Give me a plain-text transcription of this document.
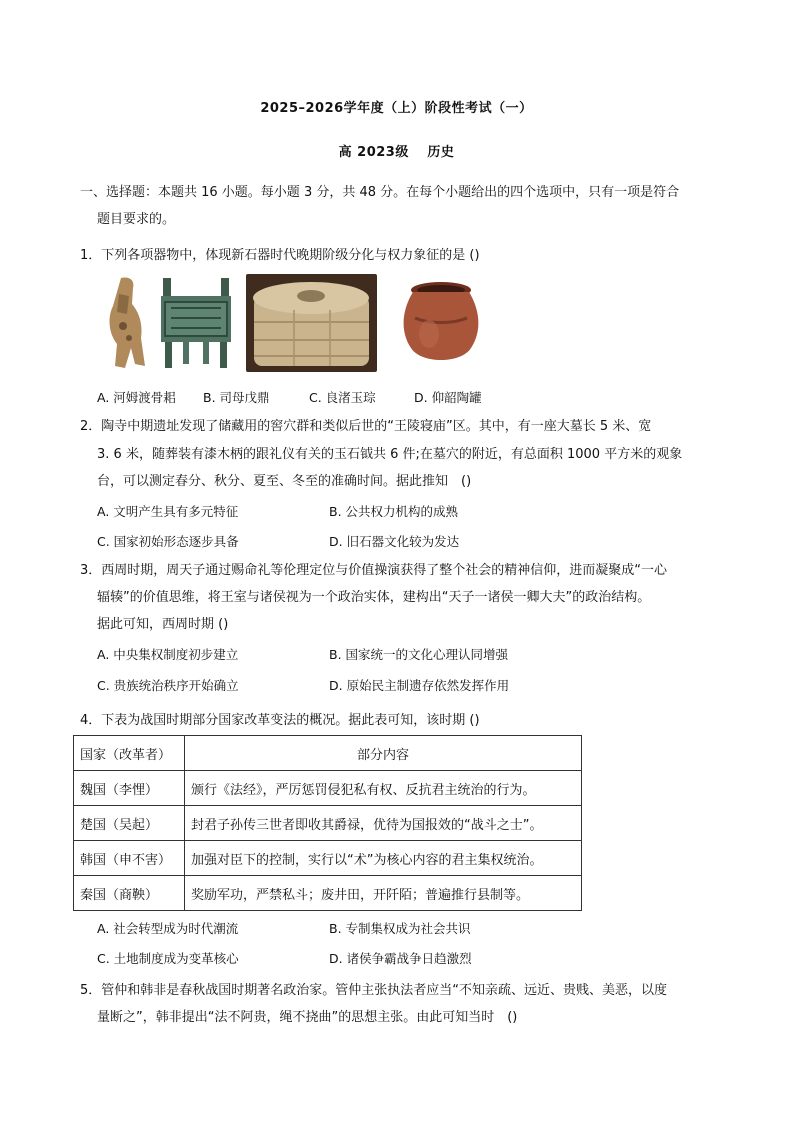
2025–2026学年度（上）阶段性考试（一）
高 2023级　 历史
一、选择题：本题共 16 小题。每小题 3 分，共 48 分。在每个小题给出的四个选项中，只有一项是符合
题目要求的。
1．下列各项器物中，体现新石器时代晚期阶级分化与权力象征的是 ()
A. 河姆渡骨耜 B. 司母戊鼎	C. 良渚玉琮	D. 仰韶陶罐
2．陶寺中期遗址发现了储藏用的窖穴群和类似后世的“王陵寝庙”区。其中，有一座大墓长 5 米、宽
3. 6 米，随葬装有漆木柄的跟礼仪有关的玉石钺共 6 件;在墓穴的附近，有总面积 1000 平方米的观象
台，可以测定春分、秋分、夏至、冬至的准确时间。据此推知　()
A. 文明产生具有多元特征	B. 公共权力机构的成熟
C. 国家初始形态逐步具备	D. 旧石器文化较为发达
3．西周时期，周天子通过赐命礼等伦理定位与价值操演获得了整个社会的精神信仰，进而凝聚成“一心
辐辏”的价值思维，将王室与诸侯视为一个政治实体，建构出“天子一诸侯一卿大夫”的政治结构。
据此可知，西周时期 ()
A. 中央集权制度初步建立	B. 国家统一的文化心理认同增强
C. 贵族统治秩序开始确立	D. 原始民主制遗存依然发挥作用
4．下表为战国时期部分国家改革变法的概况。据此表可知，该时期 ()
国家（改革者）	部分内容
魏国（李悝）	颁行《法经》，严厉惩罚侵犯私有权、反抗君主统治的行为。
楚国（吴起）	封君子孙传三世者即收其爵禄，优待为国报效的“战斗之士”。
韩国（申不害）	加强对臣下的控制，实行以“术”为核心内容的君主集权统治。
秦国（商鞅）	奖励军功，严禁私斗；废井田，开阡陌；普遍推行县制等。
A. 社会转型成为时代潮流	B. 专制集权成为社会共识
C. 土地制度成为变革核心	D. 诸侯争霸战争日趋激烈
5．管仲和韩非是春秋战国时期著名政治家。管仲主张执法者应当“不知亲疏、远近、贵贱、美恶，以度
量断之”，韩非提出“法不阿贵，绳不挠曲”的思想主张。由此可知当时　()
